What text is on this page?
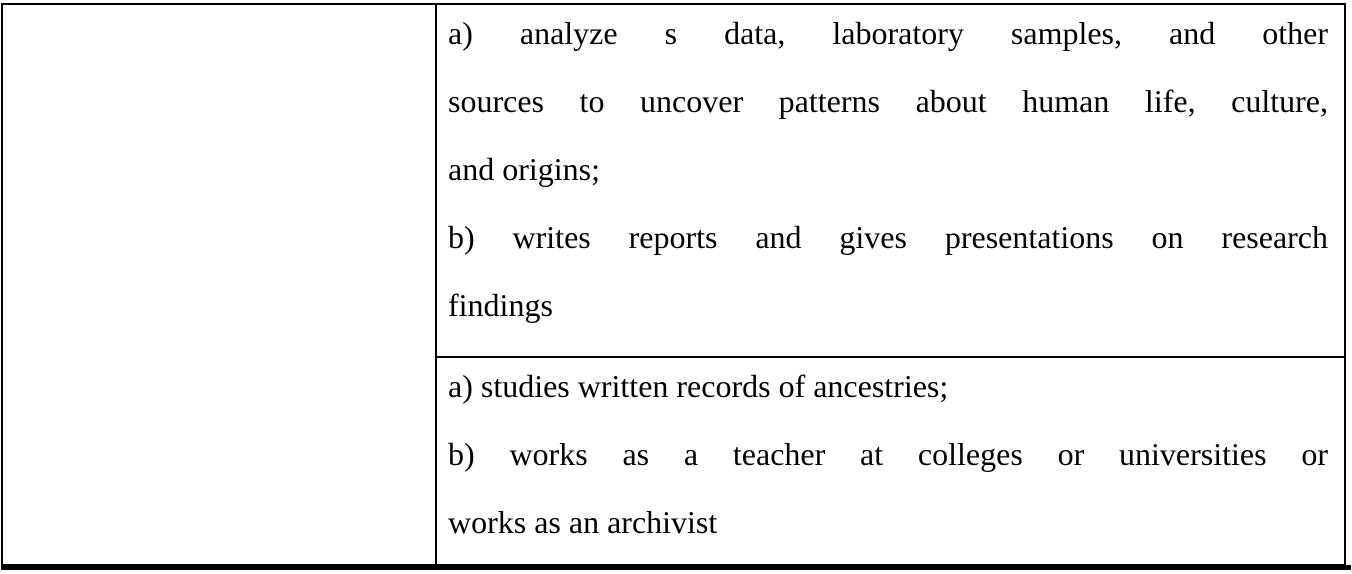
a) analyze s data, laboratory samples, and other

sources to uncover patterns about human life, culture,

and origins;

b) writes reports and gives presentations on research

findings

a) studies written records of ancestries;

b) works as a teacher at colleges or universities or

works as an archivist
